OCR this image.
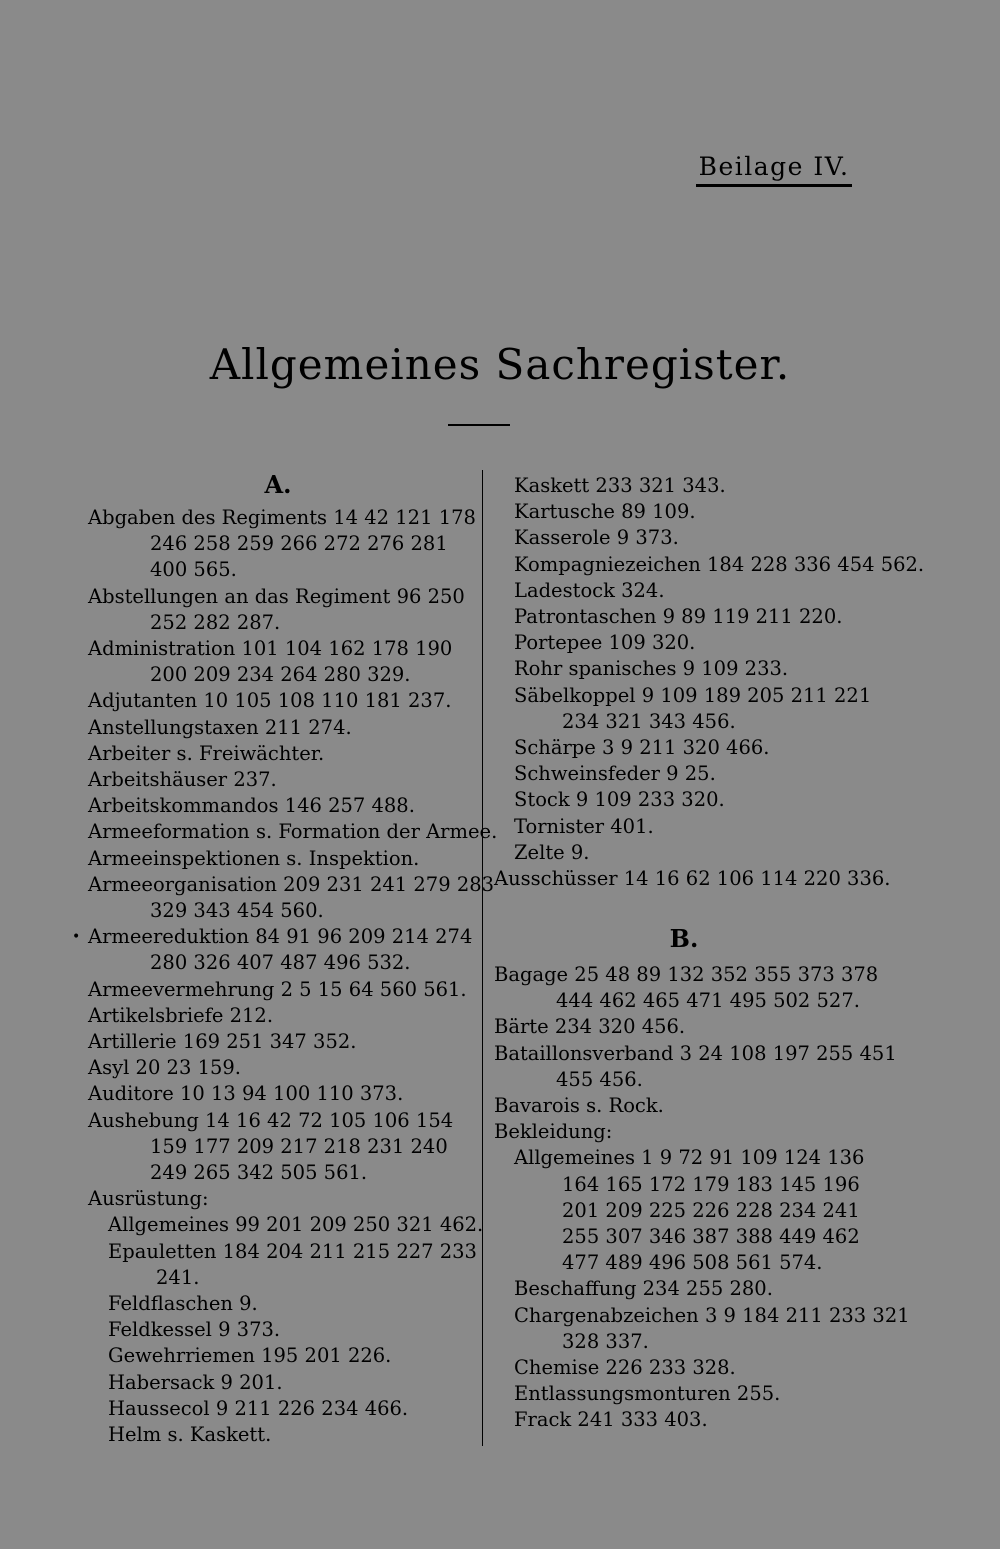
Beilage IV.
Allgemeines Sachregister.
A.
Abgaben des Regiments 14 42 121 178
246 258 259 266 272 276 281
400 565.
Abstellungen an das Regiment 96 250
252 282 287.
Administration 101 104 162 178 190
200 209 234 264 280 329.
Adjutanten 10 105 108 110 181 237.
Anstellungstaxen 211 274.
Arbeiter s. Freiwächter.
Arbeitshäuser 237.
Arbeitskommandos 146 257 488.
Armeeformation s. Formation der Armee.
Armeeinspektionen s. Inspektion.
Armeeorganisation 209 231 241 279 283
329 343 454 560.
• Armeereduktion 84 91 96 209 214 274
280 326 407 487 496 532.
Armeevermehrung 2 5 15 64 560 561.
Artikelsbriefe 212.
Artillerie 169 251 347 352.
Asyl 20 23 159.
Auditore 10 13 94 100 110 373.
Aushebung 14 16 42 72 105 106 154
159 177 209 217 218 231 240
249 265 342 505 561.
Ausrüstung:
Allgemeines 99 201 209 250 321 462.
Epauletten 184 204 211 215 227 233
241.
Feldflaschen 9.
Feldkessel 9 373.
Gewehrriemen 195 201 226.
Habersack 9 201.
Haussecol 9 211 226 234 466.
Helm s. Kaskett.
Kaskett 233 321 343.
Kartusche 89 109.
Kasserole 9 373.
Kompagniezeichen 184 228 336 454 562.
Ladestock 324.
Patrontaschen 9 89 119 211 220.
Portepee 109 320.
Rohr spanisches 9 109 233.
Säbelkoppel 9 109 189 205 211 221
234 321 343 456.
Schärpe 3 9 211 320 466.
Schweinsfeder 9 25.
Stock 9 109 233 320.
Tornister 401.
Zelte 9.
Ausschüsser 14 16 62 106 114 220 336.
B.
Bagage 25 48 89 132 352 355 373 378
444 462 465 471 495 502 527.
Bärte 234 320 456.
Bataillonsverband 3 24 108 197 255 451
455 456.
Bavarois s. Rock.
Bekleidung:
Allgemeines 1 9 72 91 109 124 136
164 165 172 179 183 145 196
201 209 225 226 228 234 241
255 307 346 387 388 449 462
477 489 496 508 561 574.
Beschaffung 234 255 280.
Chargenabzeichen 3 9 184 211 233 321
328 337.
Chemise 226 233 328.
Entlassungsmonturen 255.
Frack 241 333 403.
